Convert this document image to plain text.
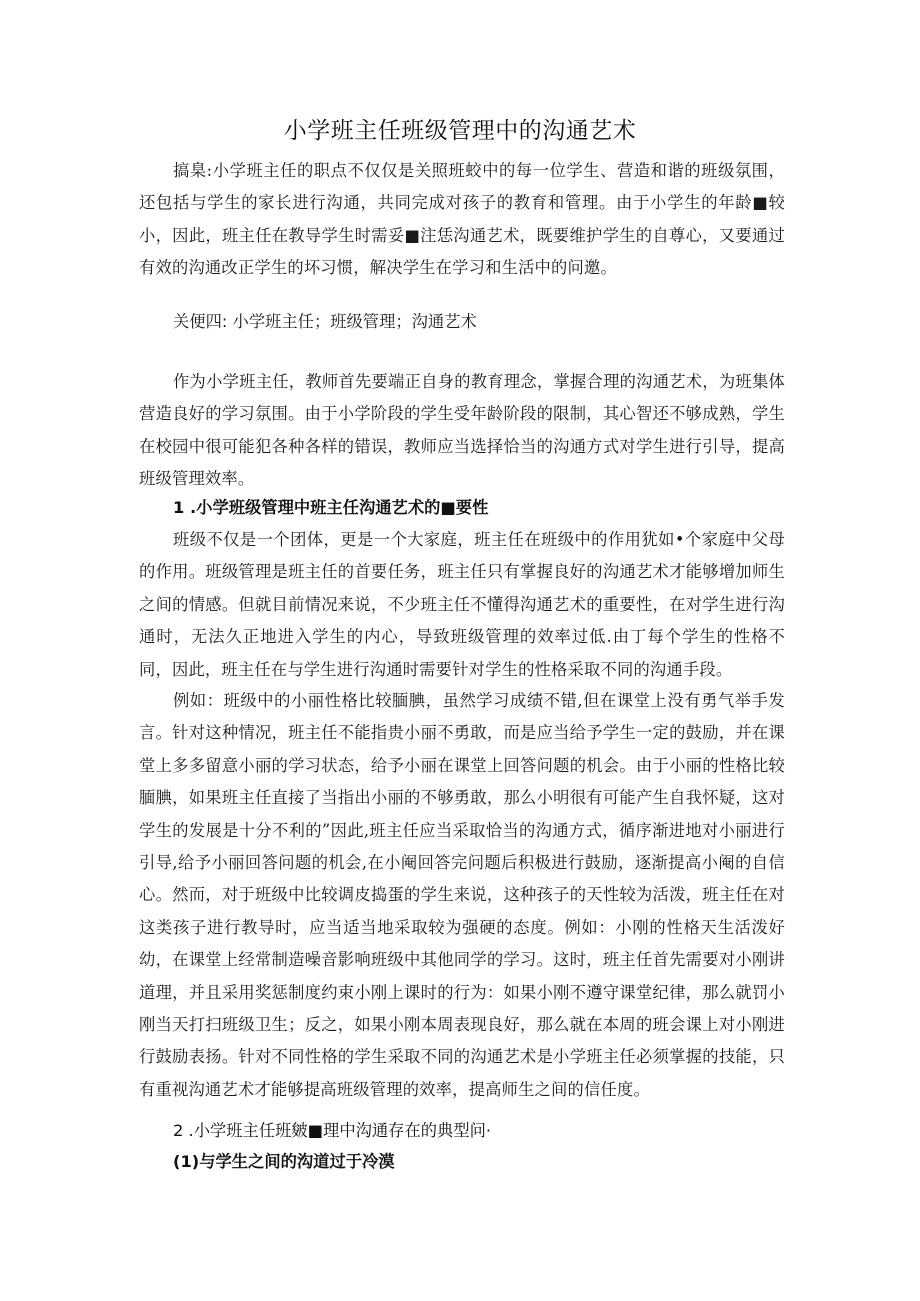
小学班主任班级管理中的沟通艺术

搞臬:小学班主任的职点不仅仅是关照班蛟中的每一位学生、营造和谐的班级氛围，还包括与学生的家长进行沟通，共同完成对孩子的教育和管理。由于小学生的年龄■较小，因此，班主任在教导学生时需妥■注恁沟通艺术，既要维护学生的自尊心，又要通过有效的沟通改正学生的坏习惯，解决学生在学习和生活中的问邀。

关便四: 小学班主任；班级管理；沟通艺术

作为小学班主任，教师首先要端正自身的教育理念，掌握合理的沟通艺术，为班集体营造良好的学习氛围。由于小学阶段的学生受年龄阶段的限制，其心智还不够成熟，学生在校园中很可能犯各种各样的错误，教师应当选择恰当的沟通方式对学生进行引导，提高班级管理效率。

1 .小学班级管理中班主任沟通艺术的■要性

班级不仅是一个团体，更是一个大家庭，班主任在班级中的作用犹如•个家庭中父母的作用。班级管理是班主任的首要任务，班主任只有掌握良好的沟通艺术才能够增加师生之间的情感。但就目前情况来说，不少班主任不懂得沟通艺术的重要性，在对学生进行沟通时，无法久正地进入学生的内心，导致班级管理的效率过低.由丁每个学生的性格不同，因此，班主任在与学生进行沟通时需要针对学生的性格采取不同的沟通手段。

例如：班级中的小丽性格比较腼腆，虽然学习成绩不错,但在课堂上没有勇气举手发言。针对这种情况，班主任不能指贵小丽不勇敢，而是应当给予学生一定的鼓励，并在课堂上多多留意小丽的学习状态，给予小丽在课堂上回答问题的机会。由于小丽的性格比较腼腆，如果班主任直接了当指出小丽的不够勇敢，那么小明很有可能产生自我怀疑，这对学生的发展是十分不利的”因此,班主任应当采取恰当的沟通方式，循序渐进地对小丽进行引导,给予小丽回答问题的机会,在小阉回答完问题后积极进行鼓励，逐渐提高小阉的自信心。然而，对于班级中比较调皮捣蛋的学生来说，这种孩子的天性较为活泼，班主任在对这类孩子进行教导时，应当适当地采取较为强硬的态度。例如：小刚的性格天生活泼好幼，在课堂上经常制造噪音影响班级中其他同学的学习。这时，班主任首先需要对小刚讲道理，并且采用奖惩制度约束小刚上课时的行为：如果小刚不遵守课堂纪律，那么就罚小刚当天打扫班级卫生；反之，如果小刚本周表现良好，那么就在本周的班会课上对小刚进行鼓励表扬。针对不同性格的学生采取不同的沟通艺术是小学班主任必须掌握的技能，只有重视沟通艺术才能够提高班级管理的效率，提高师生之间的信任度。

2 .小学班主任班皴■理中沟通存在的典型问·
(1)与学生之间的沟道过于冷漠
